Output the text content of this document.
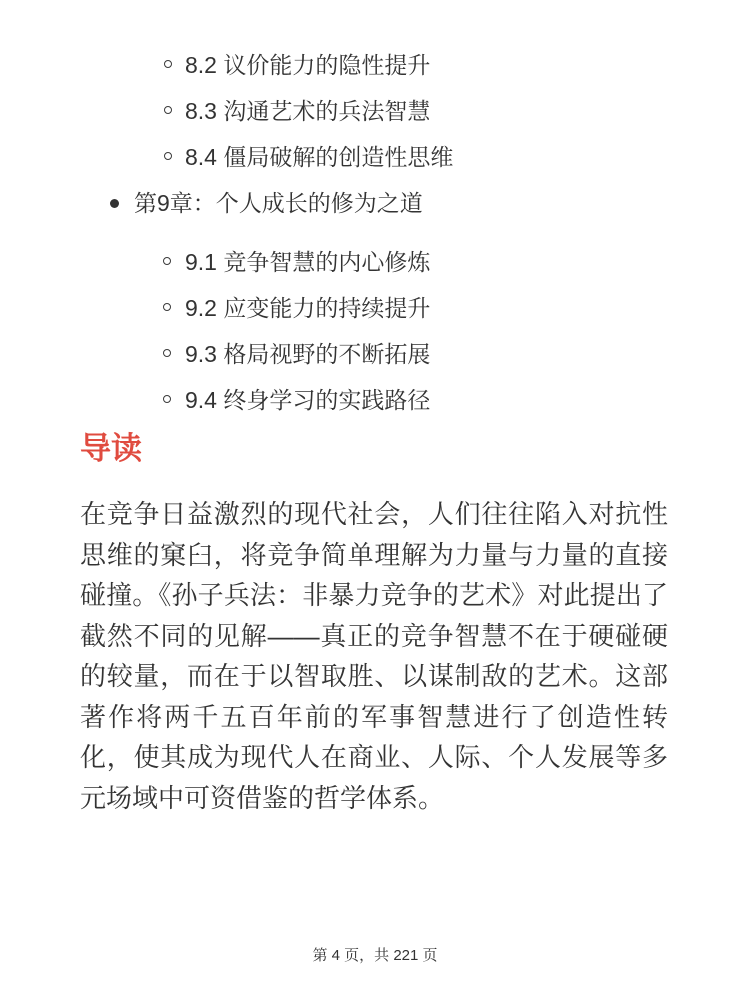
8.2 议价能力的隐性提升
8.3 沟通艺术的兵法智慧
8.4 僵局破解的创造性思维
第9章：个人成长的修为之道
9.1 竞争智慧的内心修炼
9.2 应变能力的持续提升
9.3 格局视野的不断拓展
9.4 终身学习的实践路径
导读

在竞争日益激烈的现代社会，人们往往陷入对抗性思维的窠臼，将竞争简单理解为力量与力量的直接碰撞。《孙子兵法：非暴力竞争的艺术》对此提出了截然不同的见解——真正的竞争智慧不在于硬碰硬的较量，而在于以智取胜、以谋制敌的艺术。这部著作将两千五百年前的军事智慧进行了创造性转化，使其成为现代人在商业、人际、个人发展等多元场域中可资借鉴的哲学体系。

第 4 页，共 221 页
